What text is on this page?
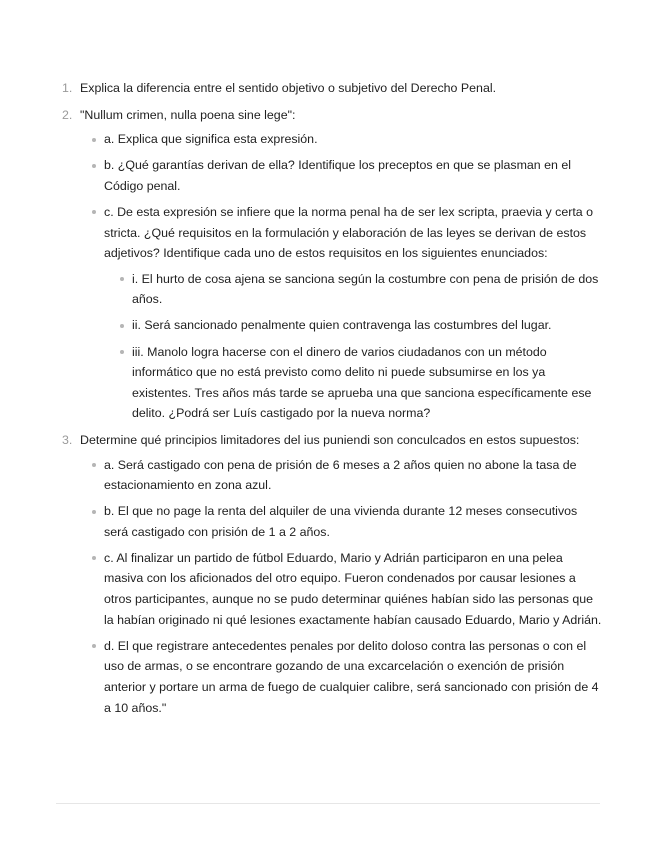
1. Explica la diferencia entre el sentido objetivo o subjetivo del Derecho Penal.
2. "Nullum crimen, nulla poena sine lege":
a. Explica que significa esta expresión.
b. ¿Qué garantías derivan de ella? Identifique los preceptos en que se plasman en el Código penal.
c. De esta expresión se infiere que la norma penal ha de ser lex scripta, praevia y certa o stricta. ¿Qué requisitos en la formulación y elaboración de las leyes se derivan de estos adjetivos? Identifique cada uno de estos requisitos en los siguientes enunciados:
i. El hurto de cosa ajena se sanciona según la costumbre con pena de prisión de dos años.
ii. Será sancionado penalmente quien contravenga las costumbres del lugar.
iii. Manolo logra hacerse con el dinero de varios ciudadanos con un método informático que no está previsto como delito ni puede subsumirse en los ya existentes. Tres años más tarde se aprueba una que sanciona específicamente ese delito. ¿Podrá ser Luís castigado por la nueva norma?
3. Determine qué principios limitadores del ius puniendi son conculcados en estos supuestos:
a. Será castigado con pena de prisión de 6 meses a 2 años quien no abone la tasa de estacionamiento en zona azul.
b. El que no page la renta del alquiler de una vivienda durante 12 meses consecutivos será castigado con prisión de 1 a 2 años.
c. Al finalizar un partido de fútbol Eduardo, Mario y Adrián participaron en una pelea masiva con los aficionados del otro equipo. Fueron condenados por causar lesiones a otros participantes, aunque no se pudo determinar quiénes habían sido las personas que la habían originado ni qué lesiones exactamente habían causado Eduardo, Mario y Adrián.
d. El que registrare antecedentes penales por delito doloso contra las personas o con el uso de armas, o se encontrare gozando de una excarcelación o exención de prisión anterior y portare un arma de fuego de cualquier calibre, será sancionado con prisión de 4 a 10 años."
